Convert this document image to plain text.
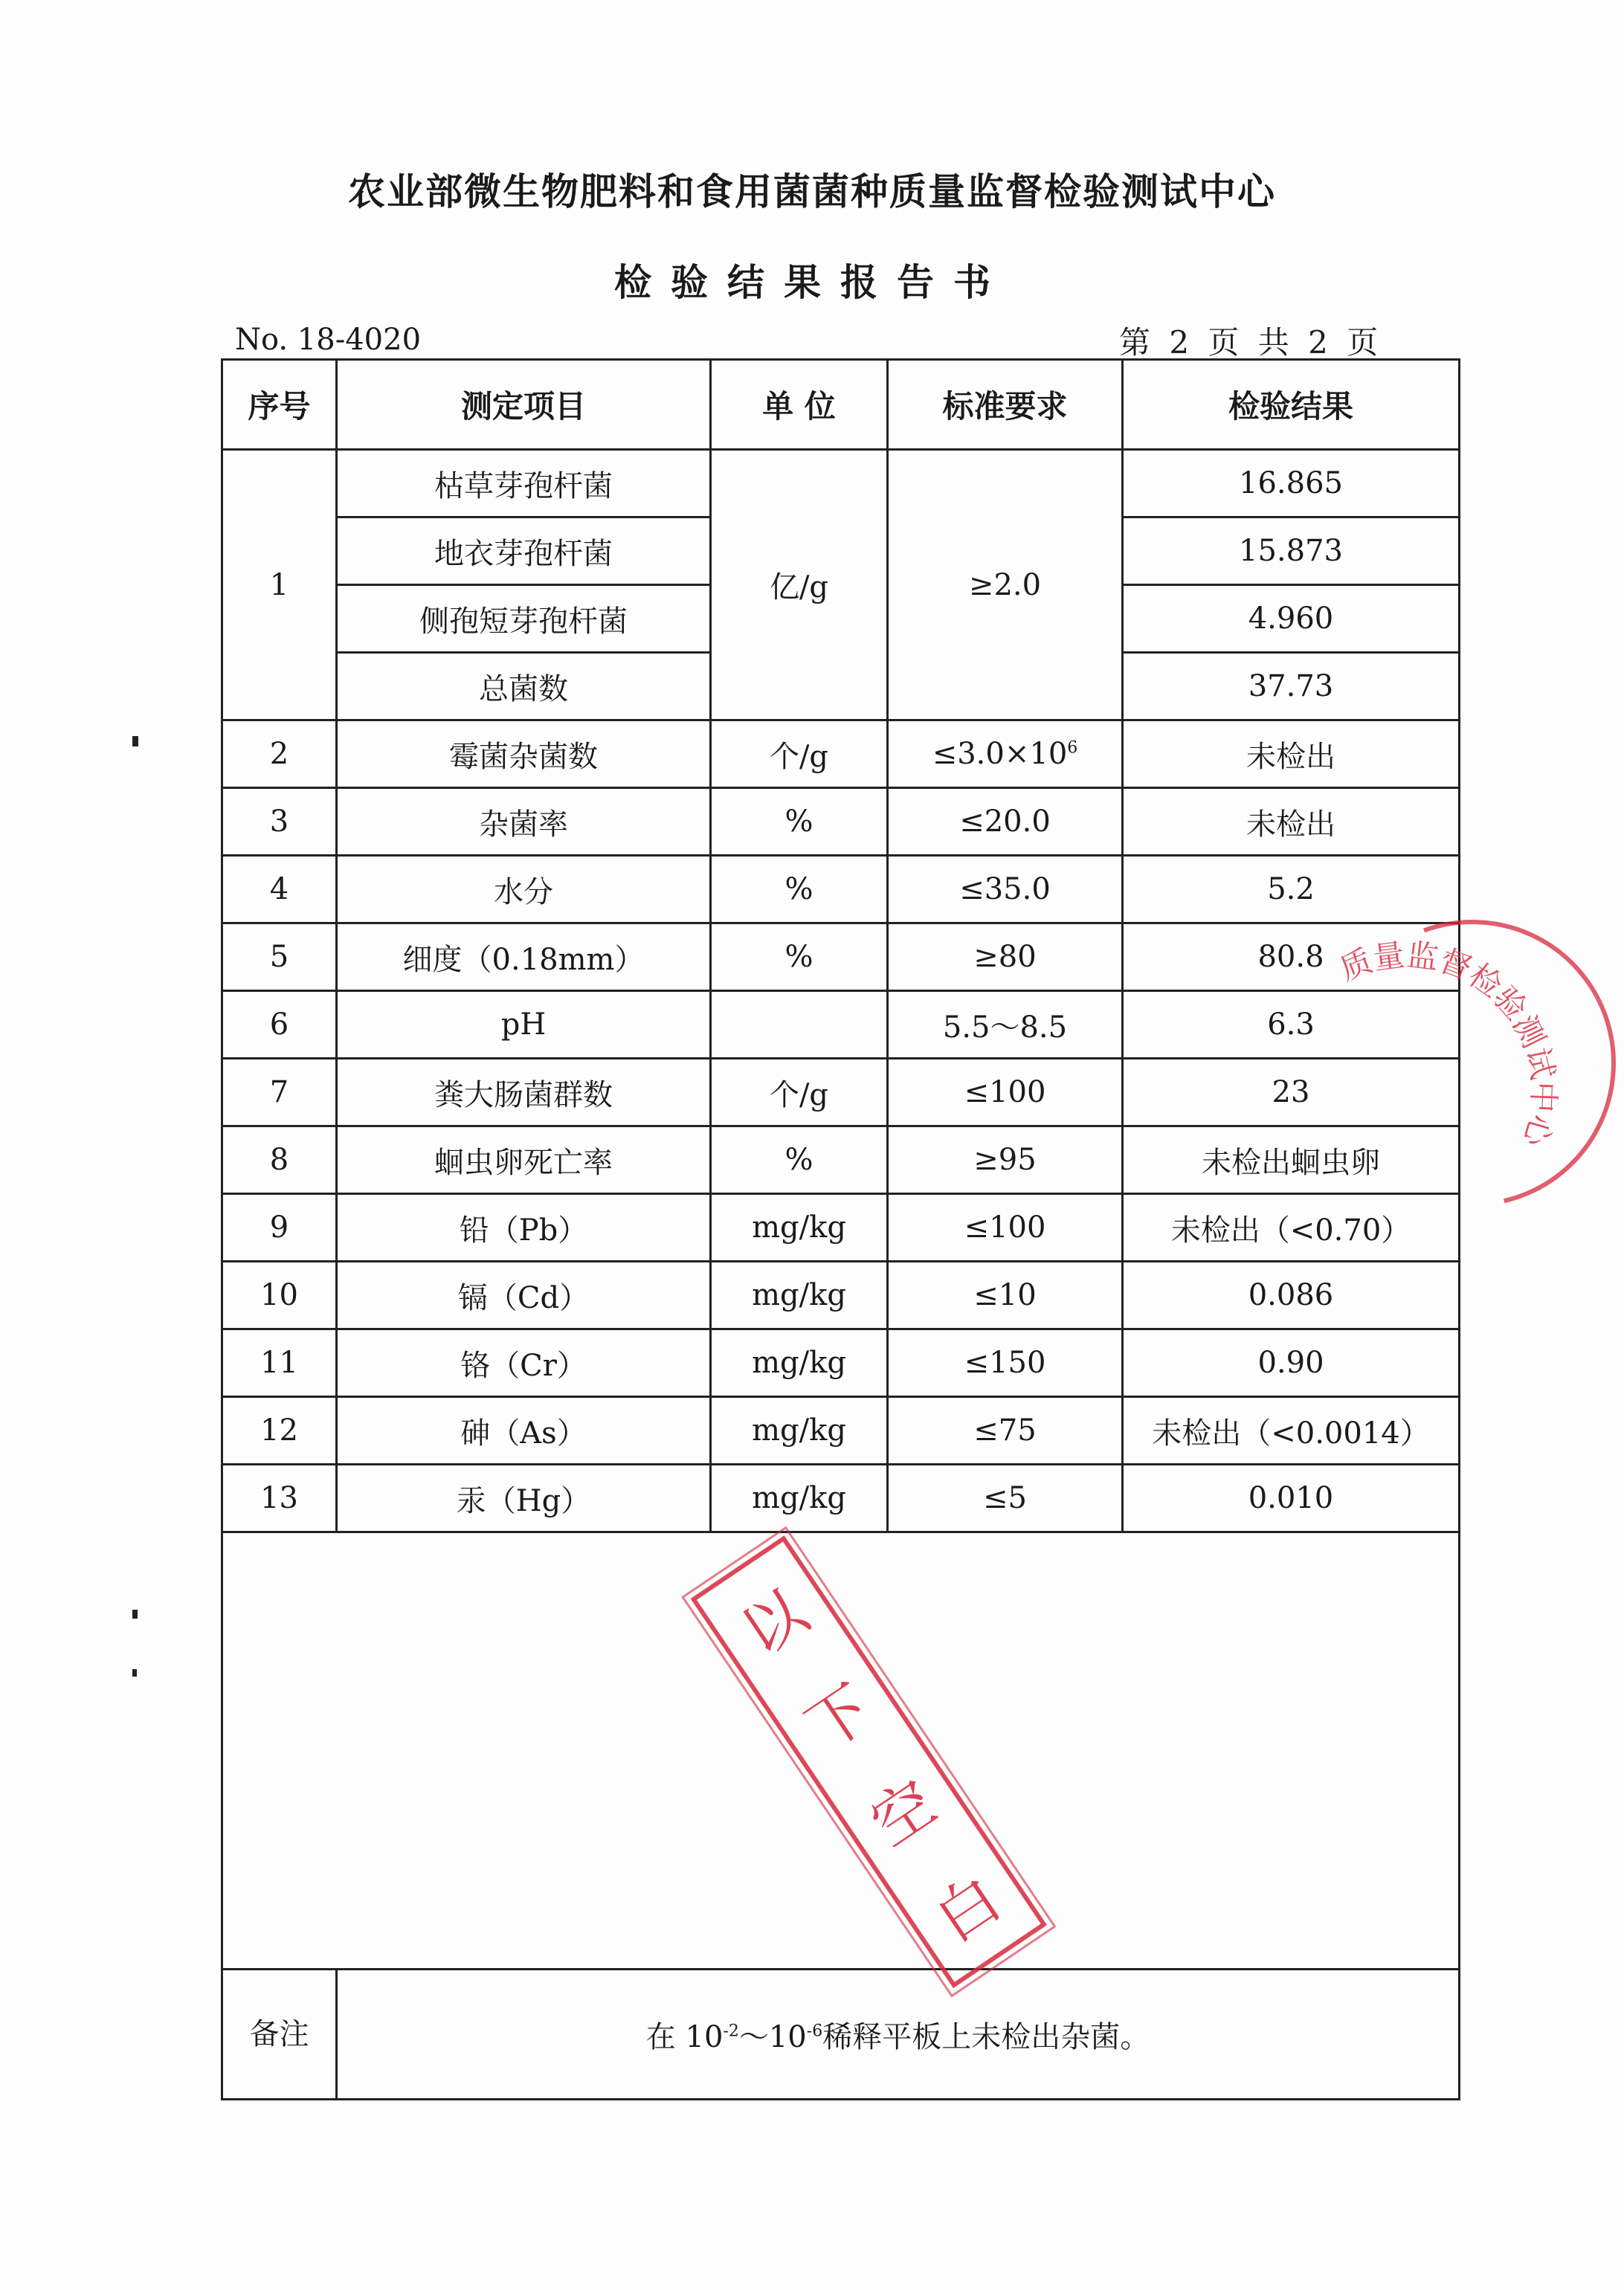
农业部微生物肥料和食用菌菌种质量监督检验测试中心
检验结果报告书
No. 18-4020	第 2 页 共 2 页
序号	测定项目	单 位	标准要求	检验结果
1	枯草芽孢杆菌	亿/g	≥2.0	16.865
	地衣芽孢杆菌			15.873
	侧孢短芽孢杆菌			4.960
	总菌数			37.73
2	霉菌杂菌数	个/g	$\le 3.0\times 10^6$	未检出
3	杂菌率	%	≤20.0	未检出
4	水分	%	≤35.0	5.2
5	细度（0.18mm）	%	≥80	80.8
6	pH		5.5～8.5	6.3
7	粪大肠菌群数	个/g	≤100	23
8	蛔虫卵死亡率	%	≥95	未检出蛔虫卵
9	铅（Pb）	mg/kg	≤100	未检出（<0.70）
10	镉（Cd）	mg/kg	≤10	0.086
11	铬（Cr）	mg/kg	≤150	0.90
12	砷（As）	mg/kg	≤75	未检出（<0.0014）
13	汞（Hg）	mg/kg	≤5	0.010

备注	在 $10^{-2}\sim 10^{-6}$稀释平板上未检出杂菌。			
以
下
空
白
质量监督检验测试中心
